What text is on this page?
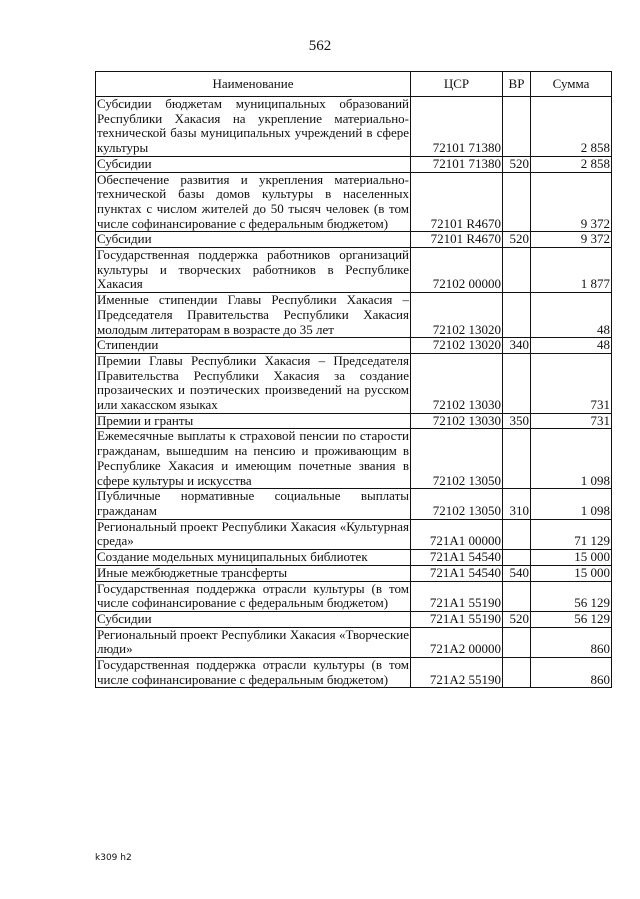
562
Наименование	ЦСР	ВР	Сумма
Субсидии бюджетам муниципальных образований Республики Хакасия на укрепление материально-технической базы муниципальных учреждений в сфере культуры	72101 71380		2 858
Субсидии	72101 71380	520	2 858
Обеспечение развития и укрепления материально-технической базы домов культуры в населенных пунктах с числом жителей до 50 тысяч человек (в том числе софинансирование с федеральным бюджетом)	72101 R4670		9 372
Субсидии	72101 R4670	520	9 372
Государственная поддержка работников организаций культуры и творческих работников в Республике Хакасия	72102 00000		1 877
Именные стипендии Главы Республики Хакасия – Председателя Правительства Республики Хакасия молодым литераторам в возрасте до 35 лет	72102 13020		48
Стипендии	72102 13020	340	48
Премии Главы Республики Хакасия – Председателя Правительства Республики Хакасия за создание прозаических и поэтических произведений на русском или хакасском языках	72102 13030		731
Премии и гранты	72102 13030	350	731
Ежемесячные выплаты к страховой пенсии по старости гражданам, вышедшим на пенсию и проживающим в Республике Хакасия и имеющим почетные звания в сфере культуры и искусства	72102 13050		1 098
Публичные нормативные социальные выплаты гражданам	72102 13050	310	1 098
Региональный проект Республики Хакасия «Культурная среда»	721A1 00000		71 129
Создание модельных муниципальных библиотек	721A1 54540		15 000
Иные межбюджетные трансферты	721A1 54540	540	15 000
Государственная поддержка отрасли культуры (в том числе софинансирование с федеральным бюджетом)	721A1 55190		56 129
Субсидии	721A1 55190	520	56 129
Региональный проект Республики Хакасия «Творческие люди»	721A2 00000		860
Государственная поддержка отрасли культуры (в том числе софинансирование с федеральным бюджетом)	721A2 55190		860
k309 h2
